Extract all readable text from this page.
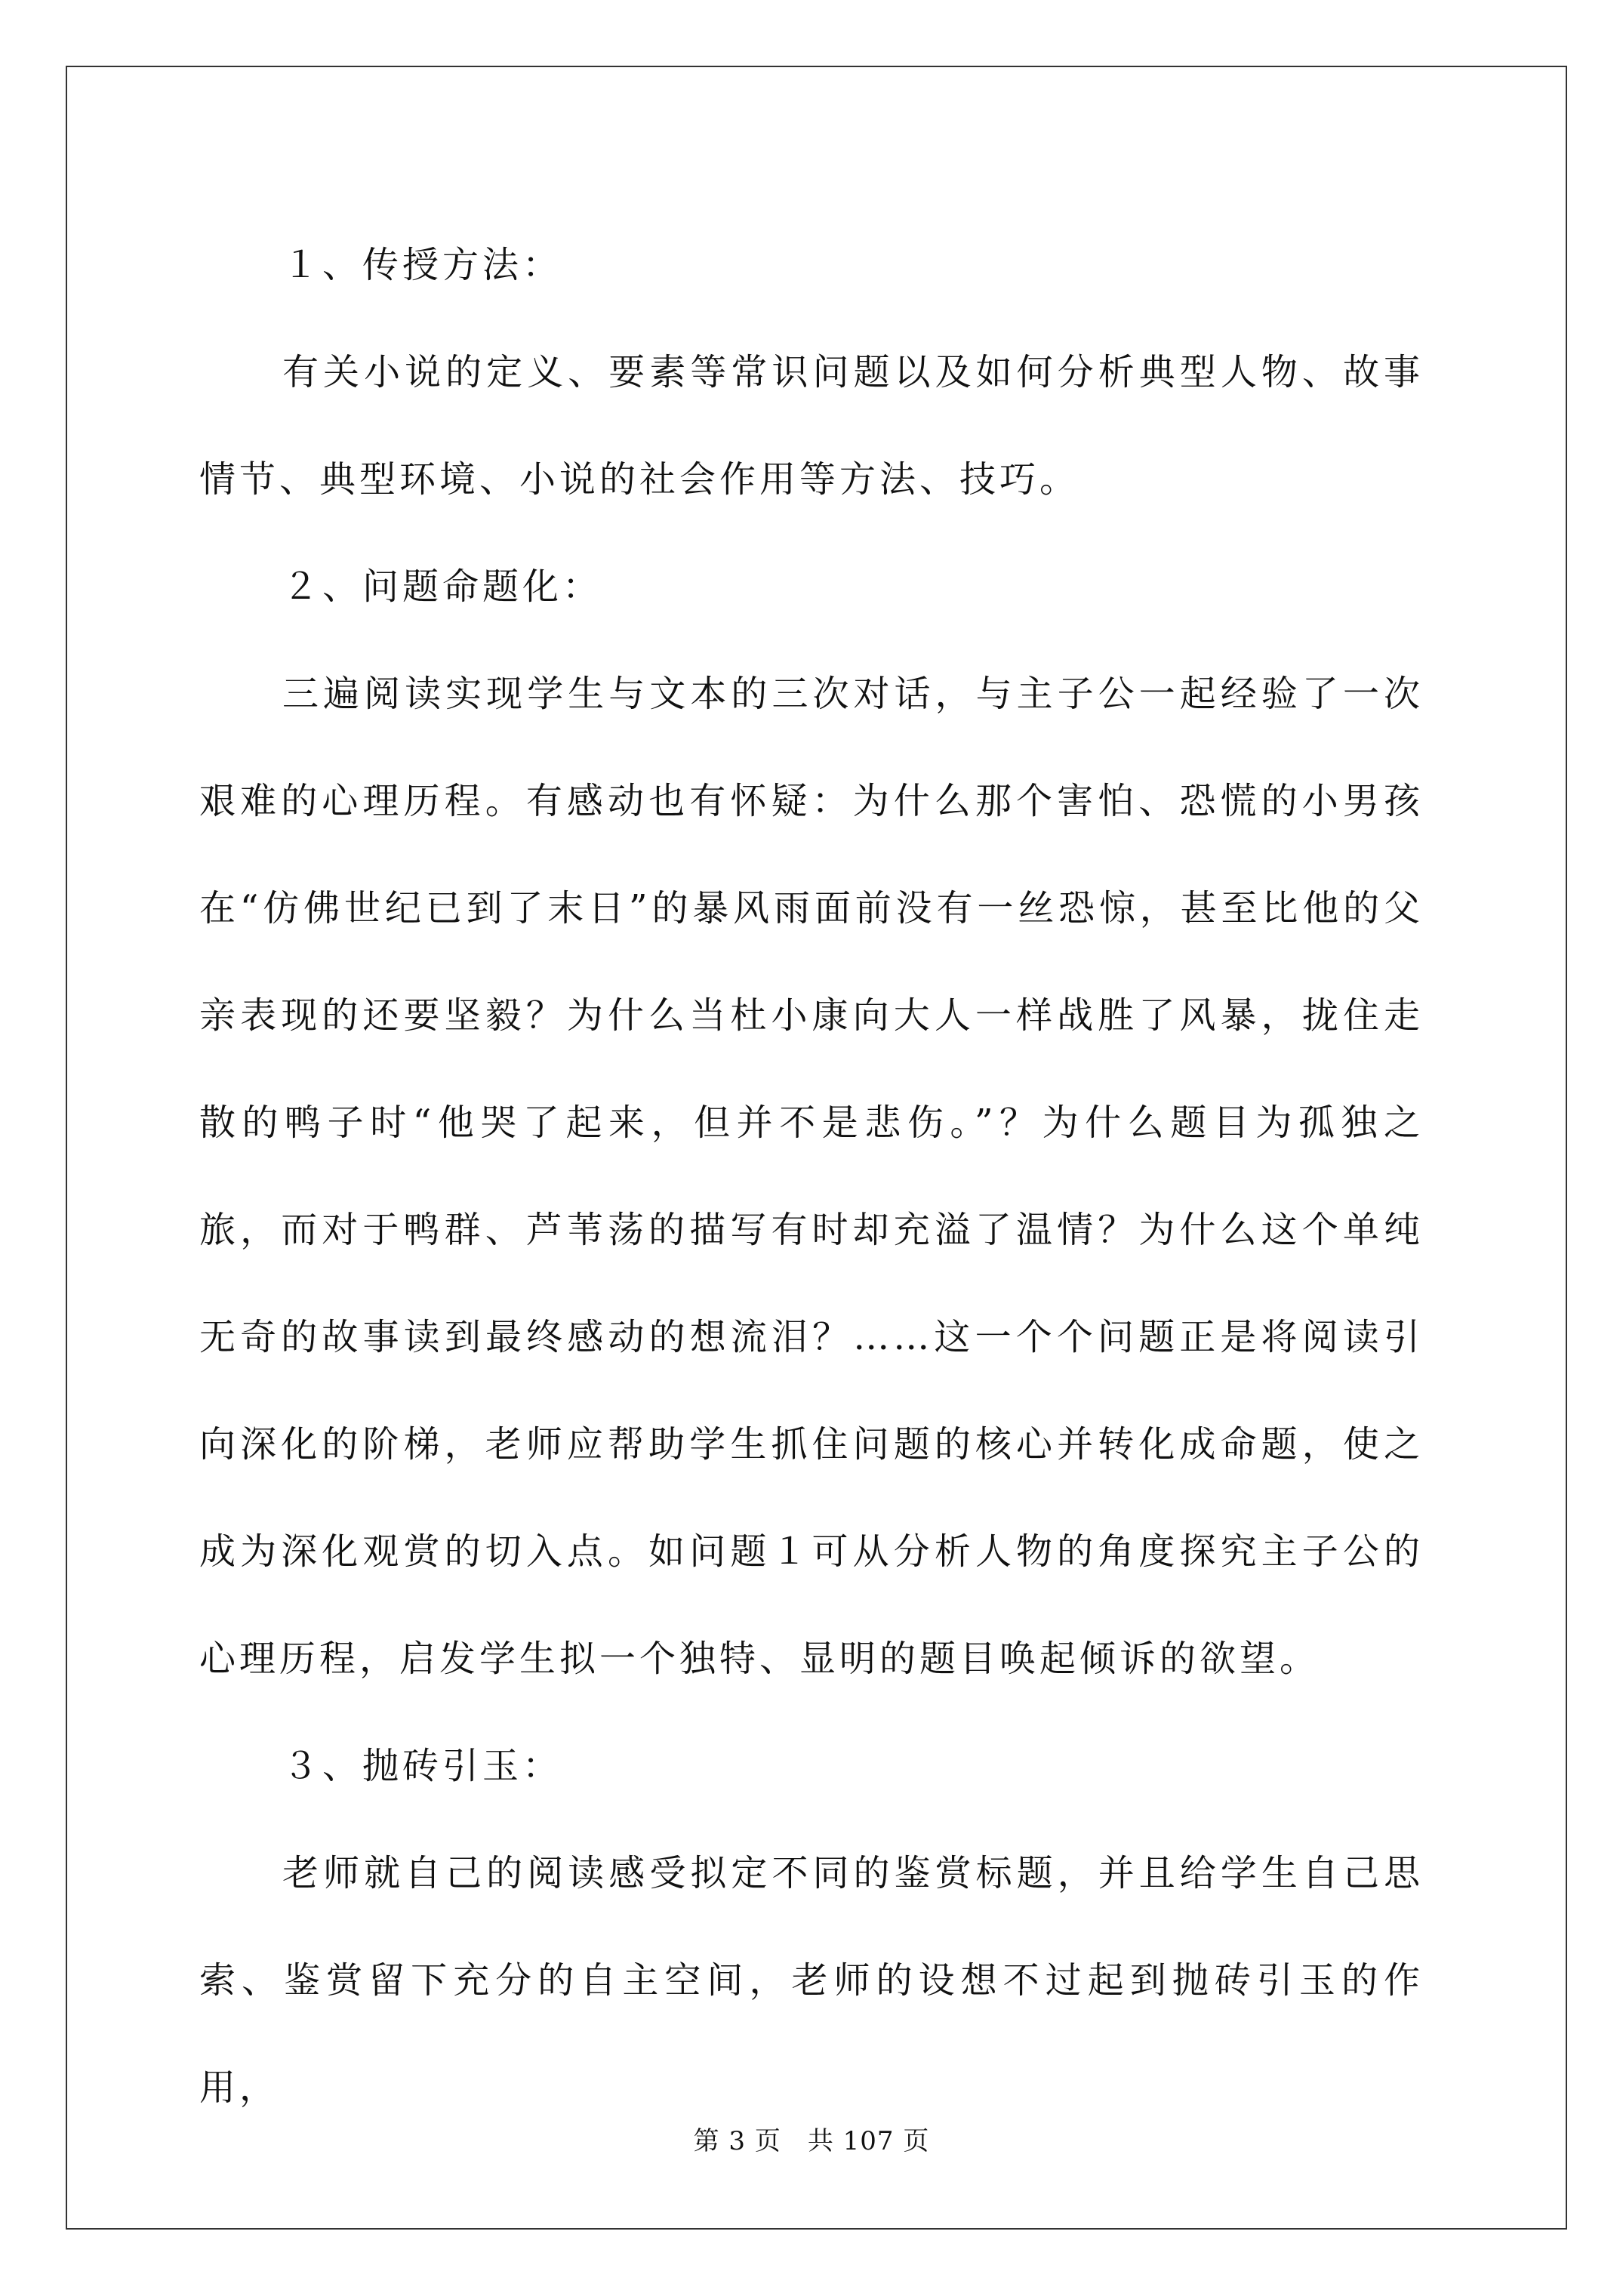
１、传授方法：

有关小说的定义、要素等常识问题以及如何分析典型人物、故事情节、典型环境、小说的社会作用等方法、技巧。

２、问题命题化：

三遍阅读实现学生与文本的三次对话，与主子公一起经验了一次艰难的心理历程。有感动也有怀疑：为什么那个害怕、恐慌的小男孩在“仿佛世纪已到了末日”的暴风雨面前没有一丝恐惊，甚至比他的父亲表现的还要坚毅？为什么当杜小康向大人一样战胜了风暴，拢住走散的鸭子时“他哭了起来，但并不是悲伤。”？为什么题目为孤独之旅，而对于鸭群、芦苇荡的描写有时却充溢了温情？为什么这个单纯无奇的故事读到最终感动的想流泪？……这一个个问题正是将阅读引向深化的阶梯，老师应帮助学生抓住问题的核心并转化成命题，使之成为深化观赏的切入点。如问题１可从分析人物的角度探究主子公的心理历程，启发学生拟一个独特、显明的题目唤起倾诉的欲望。

３、抛砖引玉：

老师就自己的阅读感受拟定不同的鉴赏标题，并且给学生自己思索、鉴赏留下充分的自主空间，老师的设想不过起到抛砖引玉的作用，

第 3 页　共 107 页
